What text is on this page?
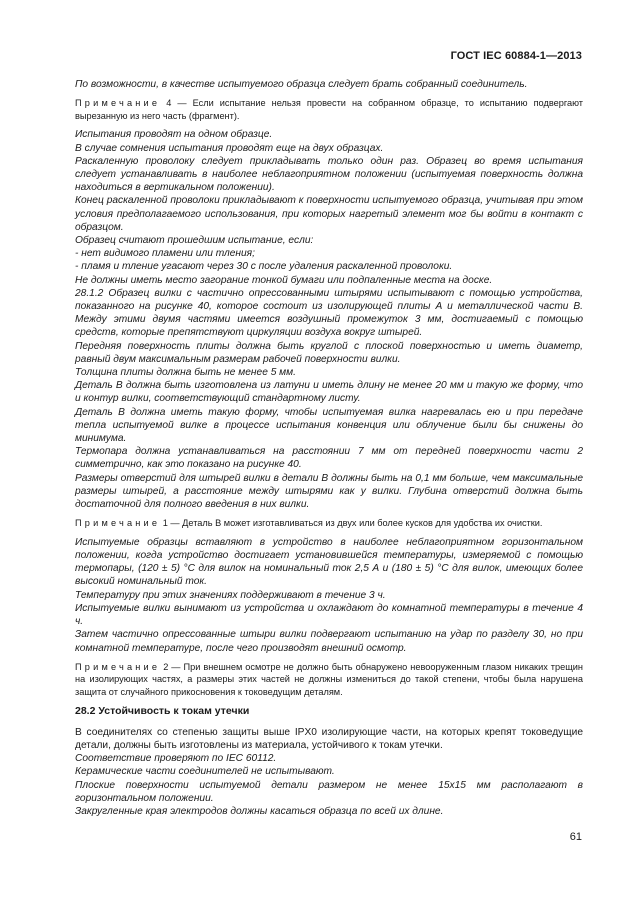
ГОСТ IEC 60884-1—2013

По возможности, в качестве испытуемого образца следует брать собранный соединитель.

Примечание 4 — Если испытание нельзя провести на собранном образце, то испытанию подвергают вырезанную из него часть (фрагмент).

Испытания проводят на одном образце.

В случае сомнения испытания проводят еще на двух образцах.

Раскаленную проволоку следует прикладывать только один раз. Образец во время испытания следует устанавливать в наиболее неблагоприятном положении (испытуемая поверхность должна находиться в вертикальном положении).

Конец раскаленной проволоки прикладывают к поверхности испытуемого образца, учитывая при этом условия предполагаемого использования, при которых нагретый элемент мог бы войти в контакт с образцом.

Образец считают прошедшим испытание, если:

- нет видимого пламени или тления;

- пламя и тление угасают через 30 с после удаления раскаленной проволоки.

Не должны иметь место загорание тонкой бумаги или подпаленные места на доске.

28.1.2 Образец вилки с частично опрессованными штырями испытывают с помощью устройства, показанного на рисунке 40, которое состоит из изолирующей плиты А и металлической части В. Между этими двумя частями имеется воздушный промежуток 3 мм, достигаемый с помощью средств, которые препятствуют циркуляции воздуха вокруг штырей.

Передняя поверхность плиты должна быть круглой с плоской поверхностью и иметь диаметр, равный двум максимальным размерам рабочей поверхности вилки.

Толщина плиты должна быть не менее 5 мм.

Деталь В должна быть изготовлена из латуни и иметь длину не менее 20 мм и такую же форму, что и контур вилки, соответствующий стандартному листу.

Деталь В должна иметь такую форму, чтобы испытуемая вилка нагревалась ею и при передаче тепла испытуемой вилке в процессе испытания конвенция или облучение были бы снижены до минимума.

Термопара должна устанавливаться на расстоянии 7 мм от передней поверхности части 2 симметрично, как это показано на рисунке 40.

Размеры отверстий для штырей вилки в детали В должны быть на 0,1 мм больше, чем максимальные размеры штырей, а расстояние между штырями как у вилки. Глубина отверстий должна быть достаточной для полного введения в них вилки.

Примечание 1 — Деталь В может изготавливаться из двух или более кусков для удобства их очистки.

Испытуемые образцы вставляют в устройство в наиболее неблагоприятном горизонтальном положении, когда устройство достигает установившейся температуры, измеряемой с помощью термопары, (120 ± 5) °С для вилок на номинальный ток 2,5 А и (180 ± 5) °С для вилок, имеющих более высокий номинальный ток.

Температуру при этих значениях поддерживают в течение 3 ч.

Испытуемые вилки вынимают из устройства и охлаждают до комнатной температуры в течение 4 ч.

Затем частично опрессованные штыри вилки подвергают испытанию на удар по разделу 30, но при комнатной температуре, после чего производят внешний осмотр.

Примечание 2 — При внешнем осмотре не должно быть обнаружено невооруженным глазом никаких трещин на изолирующих частях, а размеры этих частей не должны измениться до такой степени, чтобы была нарушена защита от случайного прикосновения к токоведущим деталям.

28.2 Устойчивость к токам утечки

В соединителях со степенью защиты выше IPX0 изолирующие части, на которых крепят токоведущие детали, должны быть изготовлены из материала, устойчивого к токам утечки.

Соответствие проверяют по IEC 60112.

Керамические части соединителей не испытывают.

Плоские поверхности испытуемой детали размером не менее 15x15 мм располагают в горизонтальном положении.

Закругленные края электродов должны касаться образца по всей их длине.

61
